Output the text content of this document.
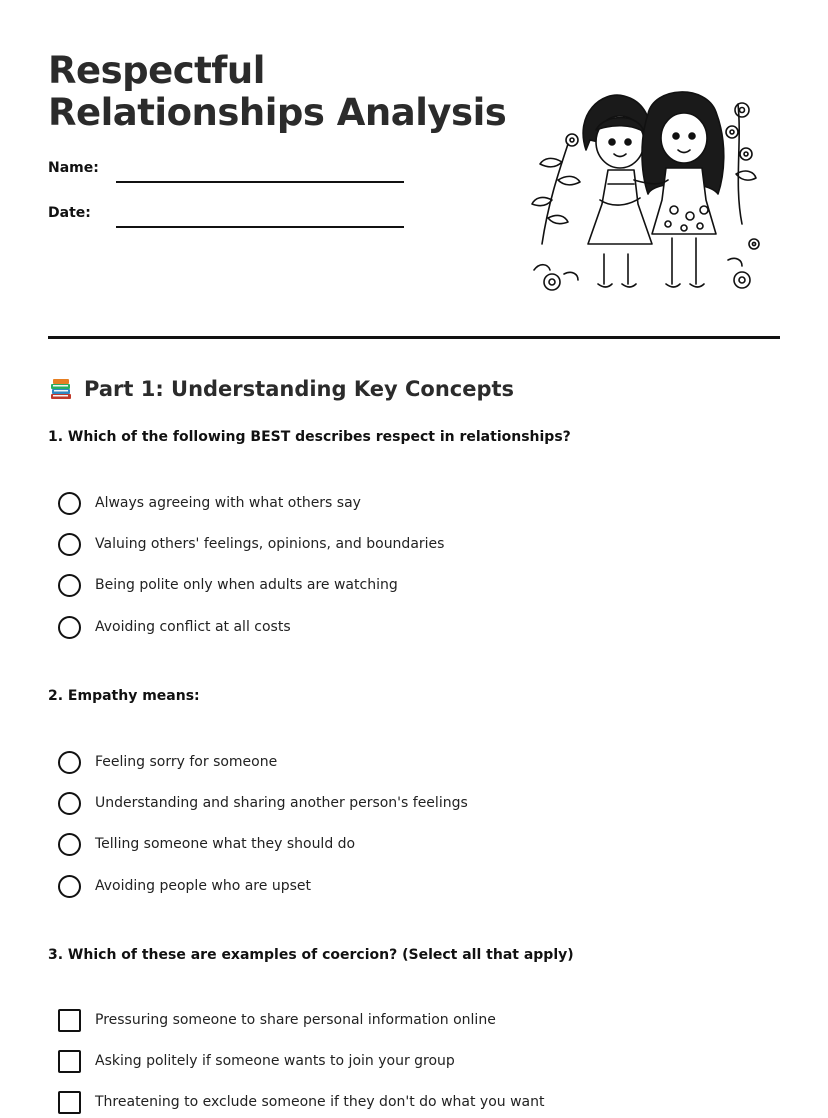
Respectful Relationships Analysis
Name:
Date:
Part 1: Understanding Key Concepts
1. Which of the following BEST describes respect in relationships?
Always agreeing with what others say
Valuing others' feelings, opinions, and boundaries
Being polite only when adults are watching
Avoiding conflict at all costs
2. Empathy means:
Feeling sorry for someone
Understanding and sharing another person's feelings
Telling someone what they should do
Avoiding people who are upset
3. Which of these are examples of coercion? (Select all that apply)
Pressuring someone to share personal information online
Asking politely if someone wants to join your group
Threatening to exclude someone if they don't do what you want
